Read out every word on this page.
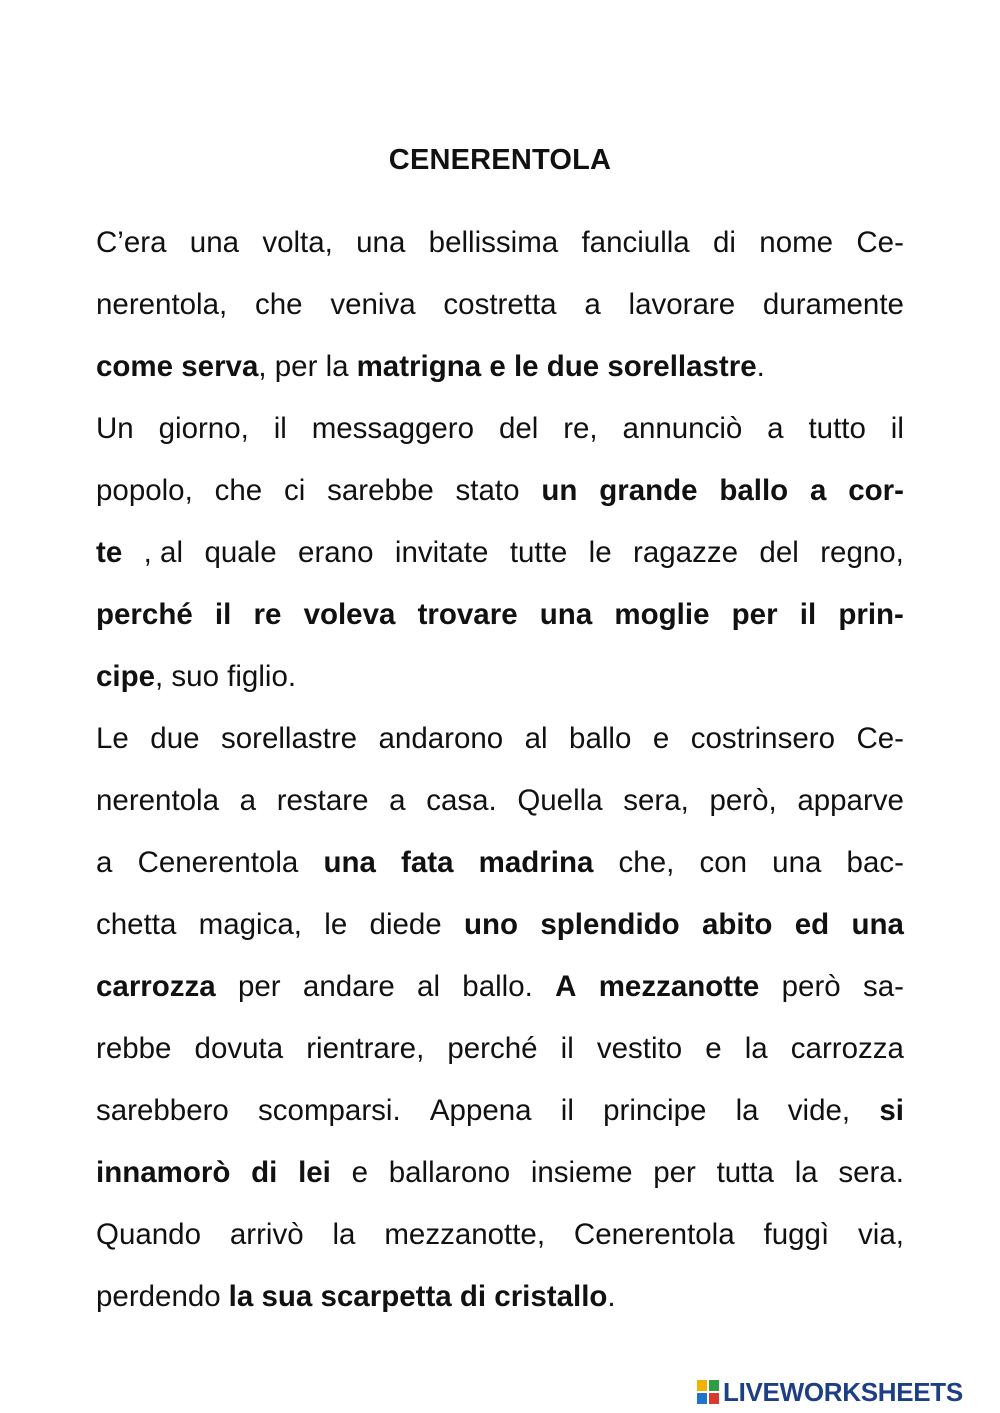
CENERENTOLA
C’era una volta, una bellissima fanciulla di nome Ce-
nerentola, che veniva costretta a lavorare duramente
come serva , per la matrigna e le due sorellastre .
Un giorno, il messaggero del re, annunciò a tutto il
popolo, che ci sarebbe stato un grande ballo a cor-
te , al quale erano invitate tutte le ragazze del regno,
perché il re voleva trovare una moglie per il prin-
cipe , suo figlio.
Le due sorellastre andarono al ballo e costrinsero Ce-
nerentola a restare a casa. Quella sera, però, apparve
a Cenerentola una fata madrina che, con una bac-
chetta magica, le diede uno splendido abito ed una
carrozza per andare al ballo. A mezzanotte però sa-
rebbe dovuta rientrare, perché il vestito e la carrozza
sarebbero scomparsi. Appena il principe la vide, si
innamorò di lei e ballarono insieme per tutta la sera.
Quando arrivò la mezzanotte, Cenerentola fuggì via,
perdendo la sua scarpetta di cristallo .
LIVEWORKSHEETS
